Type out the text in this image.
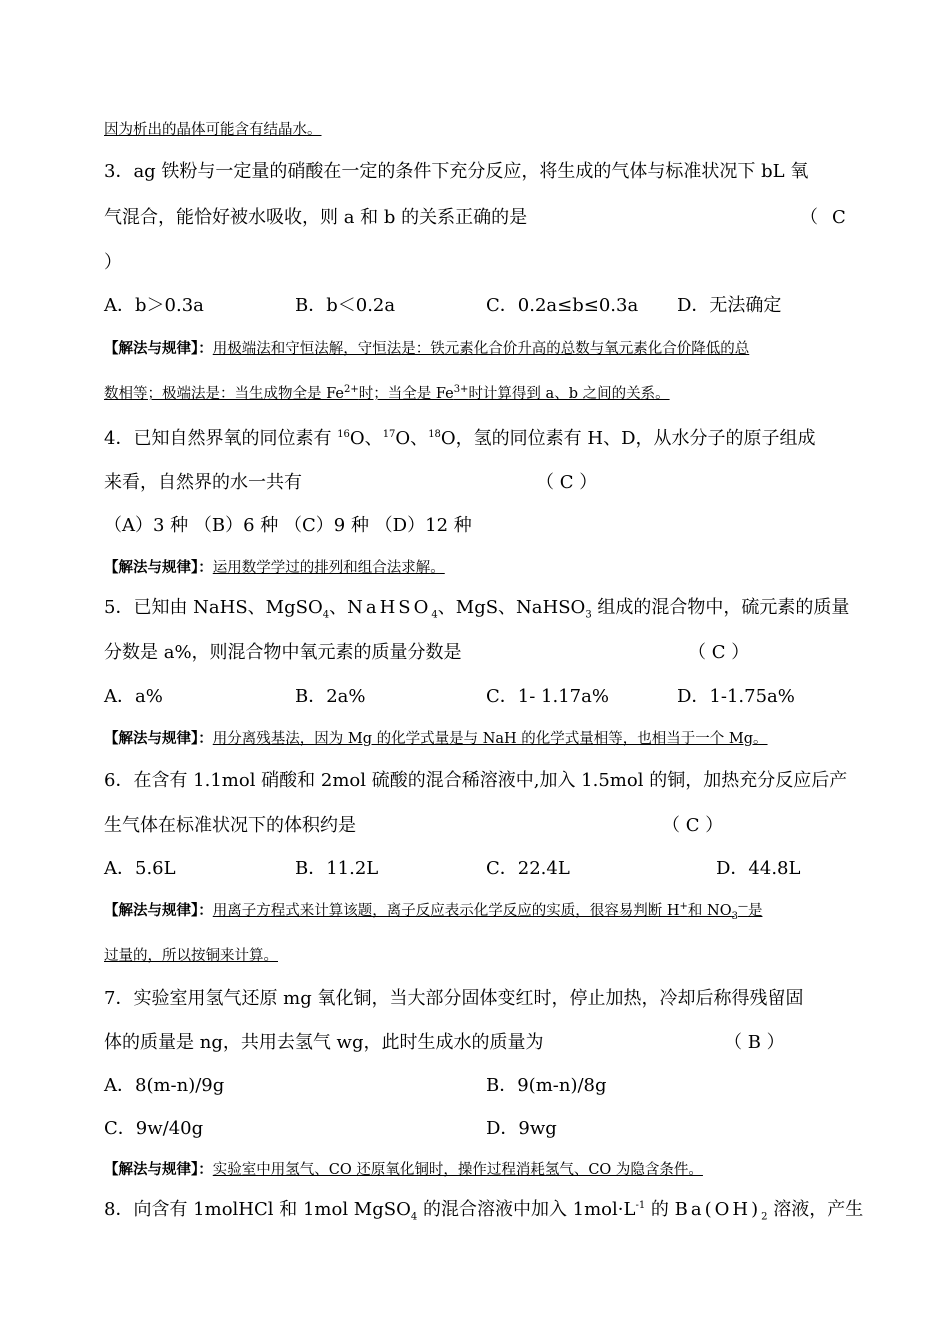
因为析出的晶体可能含有结晶水。
3．ag 铁粉与一定量的硝酸在一定的条件下充分反应，将生成的气体与标准状况下 bL 氧
气混合，能恰好被水吸收，则 a 和 b 的关系正确的是	（ C
）
A．b＞0.3a	B．b＜0.2a	C．0.2a≤b≤0.3a D．无法确定
【解法与规律】：用极端法和守恒法解，守恒法是：铁元素化合价升高的总数与氧元素化合价降低的总
数相等；极端法是：当生成物全是 $Fe^{2+}$时；当全是 $Fe^{3+}$时计算得到 a、b 之间的关系。
4．已知自然界氧的同位素有 $^{16}$O、$^{17}$O、$^{18}$O，氢的同位素有 H、D，从水分子的原子组成
来看，自然界的水一共有	（ C ）
（A）3 种 （B）6 种 （C）9 种 （D）12 种
【解法与规律】：运用数学学过的排列和组合法求解。
5．已知由 NaHS、MgSO$_4$、NaHSO$_4$、MgS、NaHSO$_3$ 组成的混合物中，硫元素的质量
分数是 a%，则混合物中氧元素的质量分数是	（ C ）
A．a%	B．2a%	C．1- 1.17a%	D．1-1.75a%
【解法与规律】：用分离残基法，因为 Mg 的化学式量是与 NaH 的化学式量相等，也相当于一个 Mg。
6．在含有 1.1mol 硝酸和 2mol 硫酸的混合稀溶液中,加入 1.5mol 的铜，加热充分反应后产
生气体在标准状况下的体积约是	（ C ）
A．5.6L	B．11.2L	C．22.4L	D．44.8L
【解法与规律】：用离子方程式来计算该题，离子反应表示化学反应的实质，很容易判断 H+和 $NO_3^—$是
过量的，所以按铜来计算。
7．实验室用氢气还原 mg 氧化铜，当大部分固体变红时，停止加热，冷却后称得残留固
体的质量是 ng，共用去氢气 wg，此时生成水的质量为	（ B ）
A．8(m-n)/9g	B．9(m-n)/8g
C．9w/40g	D．9wg
【解法与规律】：实验室中用氢气、CO 还原氧化铜时，操作过程消耗氢气、CO 为隐含条件。
8．向含有 1molHCl 和 1mol MgSO$_4$ 的混合溶液中加入 $1mol\cdot L^{-1}$ 的 $Ba(OH)_2$ 溶液，产生
